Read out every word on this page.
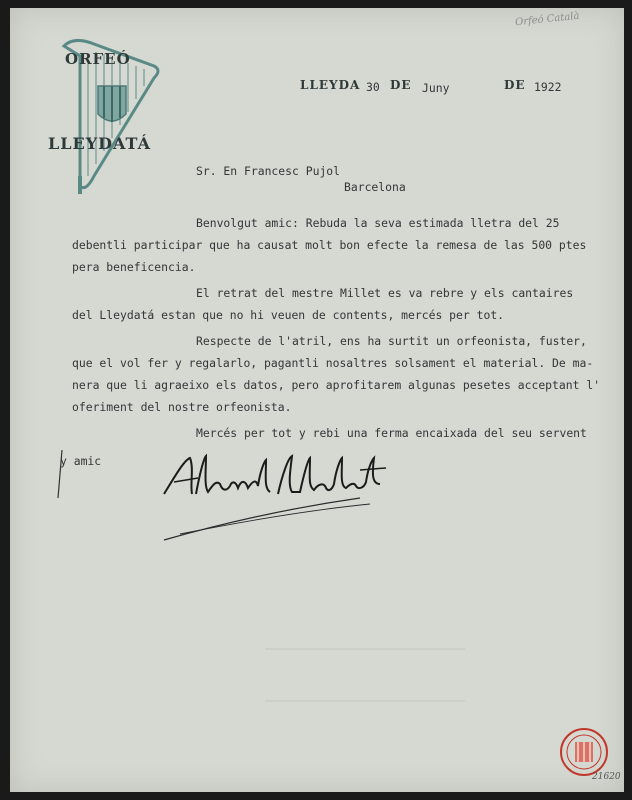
Orfeó Català
ORFEÓ
LLEYDATÁ
LLEYDA 30 DE Juny	DE 1922
Sr. En Francesc Pujol
Barcelona
Benvolgut amic: Rebuda la seva estimada lletra del 25
debentli participar que ha causat molt bon efecte la remesa de las 500 ptes
pera beneficencia.
El retrat del mestre Millet es va rebre y els cantaires
del Lleydatá estan que no hi veuen de contents, mercés per tot.
Respecte de l'atril, ens ha surtit un orfeonista, fuster,
que el vol fer y regalarlo, pagantli nosaltres solsament el material. De ma-
nera que li agraeixo els datos, pero aprofitarem algunas pesetes acceptant l'
oferiment del nostre orfeonista.
Mercés per tot y rebi una ferma encaixada del seu servent
y amic
21620
